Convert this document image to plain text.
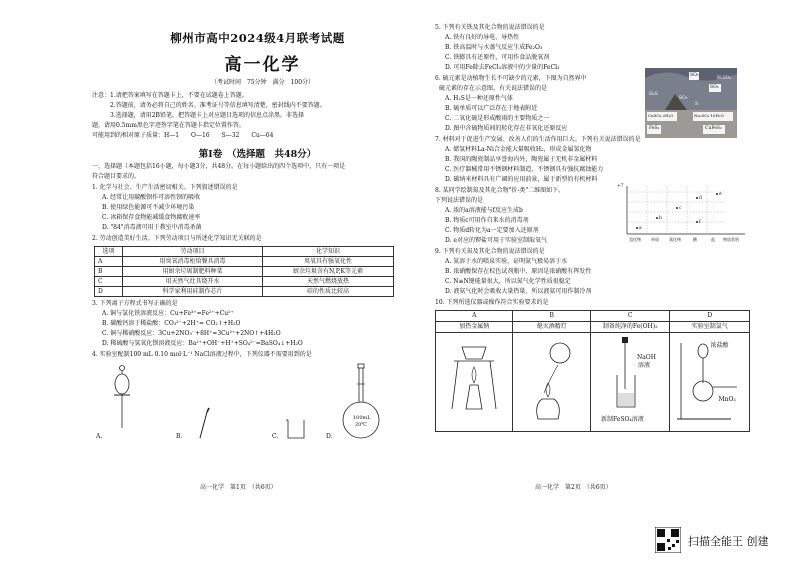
柳州市高中2024级4月联考试题
高一化学
（考试时间　75分钟　满分　100分）
注意：1.请把答案填写在答题卡上，不要在试题卷上答题。
　　　2.答题前，请务必将自己的姓名、准考证号等信息填写清楚，密封线内不要答题。
　　　3.选择题，请用2B铅笔，把答题卡上对应题目选项的信息点涂黑。非选择
题，请用0.5mm黑色字迹签字笔在答题卡指定位置作答。
可能用到的相对原子质量：H—1　　O—16　　S—32　　Cu—64
第Ⅰ卷　（选择题　共48分）
一、选择题（本题包括16小题，每小题3分，共48分。在每小题给出的四个选项中，只有一项是
符合题目要求的。
1. 化学与社会、生产生活密切相关。下列叙述错误的是
A. 经常让用碳酸钡作可溶性钡的吸收
B. 使用绿色能源可不减少环境污染
C. 冰箱保存食物能减缓食物腐败速率
D. "84"消毒液可用于教室中消毒杀菌
2. 劳动创造美好生活。下列劳动项目与所述化学知识无关联的是
选项	劳动项目	化学知识
A	用臭氧消毒柜给餐具消毒	臭氧具有强氧化性
B	用厨余垃圾制肥料种菜	厨余垃圾含有N,P,K等元素
C	用天然气灶具烧开水	天然气燃烧放热
D	科学家利用硅制作芯片	硅的性质比较高
3. 下列离子方程式书写正确的是
A. 铜与氯化铁溶液反应：Cu+Fe³⁺=Fe²⁺+Cu²⁺
B. 碳酸钙溶于稀盐酸：CO₃²⁻+2H⁺= CO₂↑+H₂O
C. 铜与稀硝酸反应：3Cu+2NO₃⁻+8H⁺=3Cu²⁺+2NO↑+4H₂O
D. 稀硫酸与氢氧化钡溶液反应：Ba²⁺+OH⁻+H⁺+SO₄²⁻=BaSO₄↓+H₂O
4. 实验室配制100 mL 0.10 mol·L⁻¹ NaCl溶液过程中，下列仪器不需要用到的是
A.	B.	C.
100mL
20℃
D.
高一化学　第1页　（共6页）
5. 下列有关铁及其化合物的说法错误的是
A. 铁有良好的导电、导热性
B. 铁高温时与水蒸气反应生成Fe₂O₃
C. 铁膨具有还原性，可用作食品脱氧剂
D. 可用Fe除去FeCl₂溶液中的少量的FeCl₃
6. 硫元素是动植物生长不可缺少的元素，下图为自然界中
硫元素的存在示意图。有关说法错误的是
A. H₂S是一种还原性气体
B. 硫单质可以广泛存在于地表附近
C. 二氧化硫是形成酸雨的主要物质之一
D. 图中含硫物质间的转化存在非氧化还原反应
SO₂
SO₃
H₂SO₄
SO₂
H₂S
S
CuSO₄·2H₂O	Na₂SO₄·10H₂O
FeS₂	CuFeS₂
7. 材料对于促进生产发展、改善人们的生活作用巨大。下列有关说法错误的是
A. 储氢材料La-Ni合金能大量吸收H₂，形成金属氢化物
B. 我国的陶瓷制品享誉海内外，陶瓷属于无机非金属材料
C. 医疗器械常用不锈钢材料制造，不锈钢具有强抗腐蚀能力
D. 碳纳米材料具有广阔的应用前景，属于新型的有机材料
8. 某同学绘制氮及其化合物"价-类"二维图如下。
下列说法错误的是
A. 浓的a溶液能与f反应生成b
B. 物质c可用作自来水的消毒剂
C. 物质d转化为a一定要加入还原剂
D. e对应的钾盐可用于实验室制取氧气
+7
氢化物	单质	氧化物	酸	盐 物质类别
a
b
c
d
e
f
9. 下列有关氮及其化合物的说法错误的是
A. 氨溶于水的喷泉实验，证明氨气极易溶于水
B. 浓硝酸保存在棕色试剂瓶中，原因是浓硝酸有挥发性
C. N≡N键能量很大，所以氮气化学性质很稳定
D. 液氨气化时会吸收大量热量，所以液氨可用作制冷剂
10. 下列所选仪器或操作符合实验要求的是
A	B	C	D
加热金属钠	熄灭酒精灯	制备纯净的Fe(OH)₂	实验室制氯气

NaOH
溶液
新制FeSO₄溶液	浓盐酸
MnO₂
高一化学　第2页　（共6页）
扫描全能王 创建
